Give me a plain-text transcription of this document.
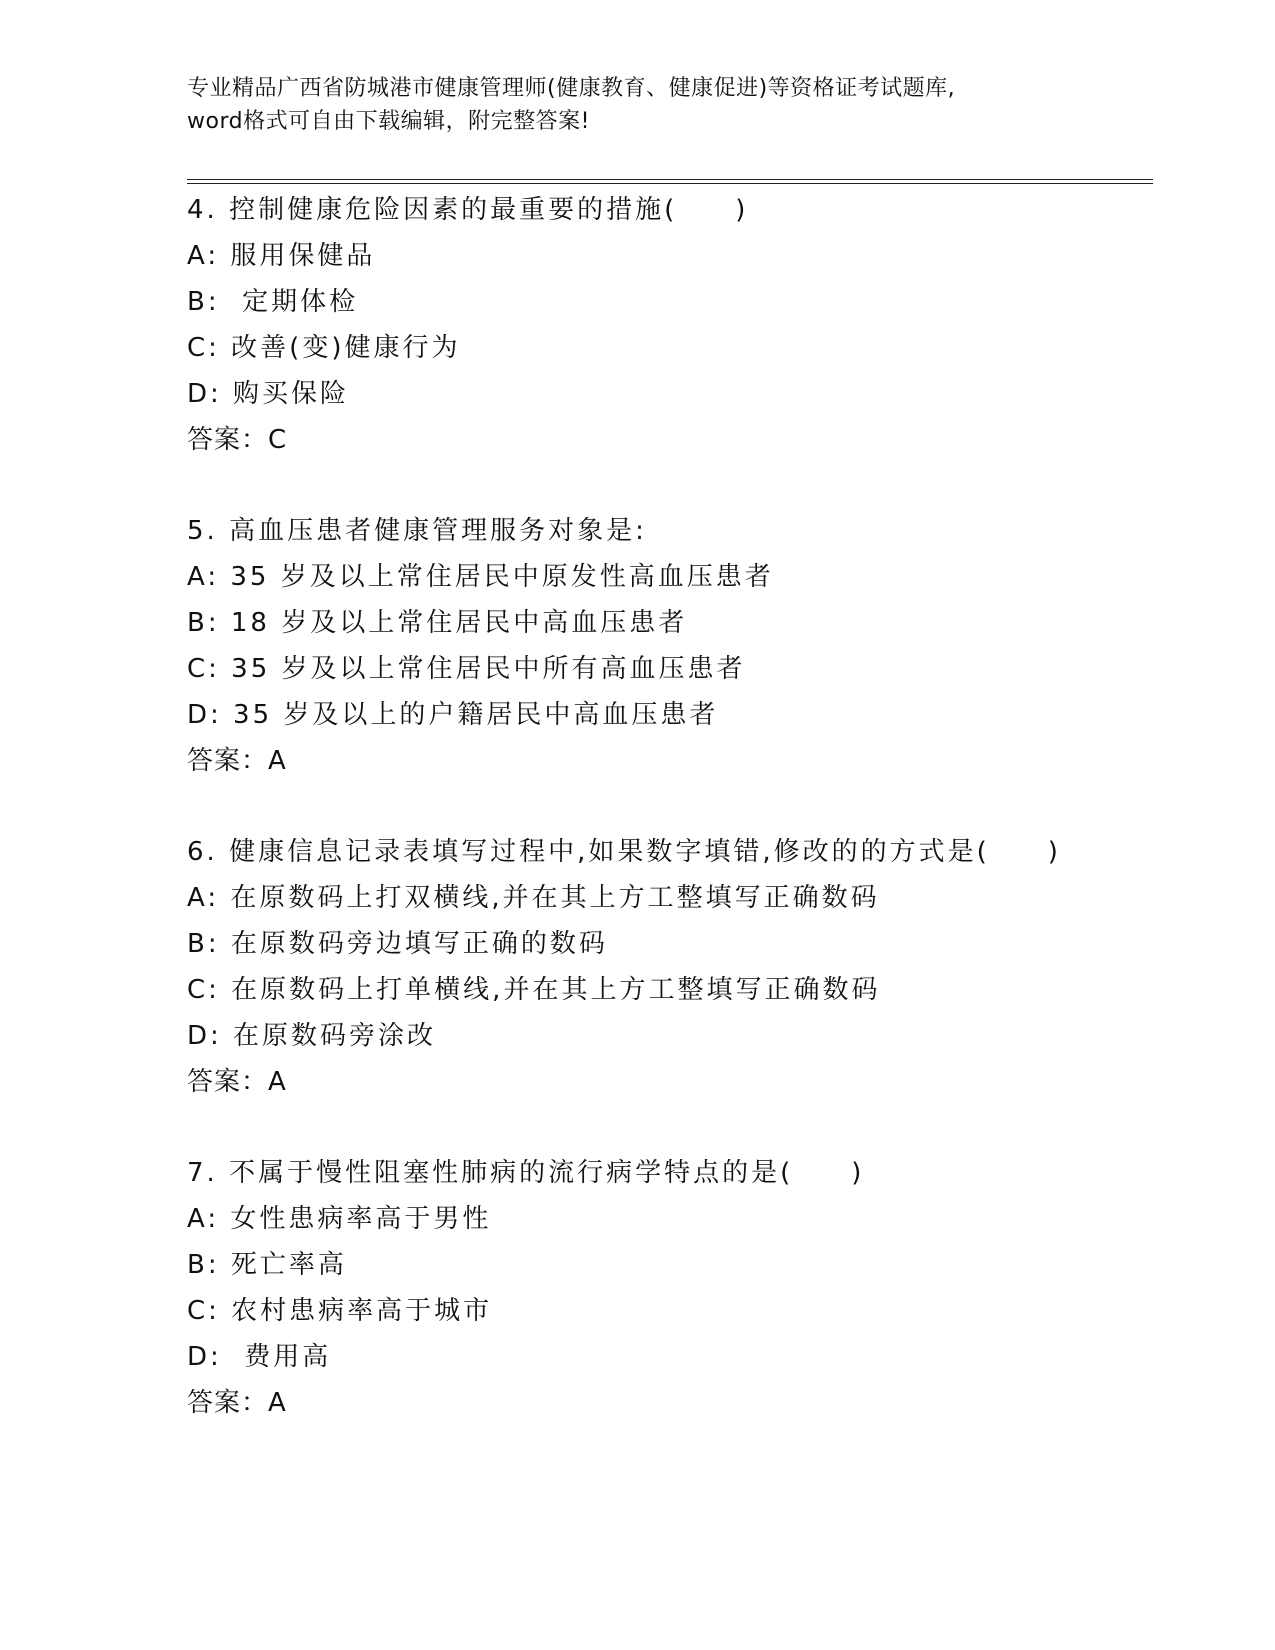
专业精品广西省防城港市健康管理师(健康教育、健康促进)等资格证考试题库,
word格式可自由下载编辑，附完整答案!
4. 控制健康危险因素的最重要的措施(　　)
A: 服用保健品
B:  定期体检
C: 改善(变)健康行为
D: 购买保险
答案：C
5. 高血压患者健康管理服务对象是:
A: 35 岁及以上常住居民中原发性高血压患者
B: 18 岁及以上常住居民中高血压患者
C: 35 岁及以上常住居民中所有高血压患者
D: 35 岁及以上的户籍居民中高血压患者
答案：A
6. 健康信息记录表填写过程中,如果数字填错,修改的的方式是(　　)
A: 在原数码上打双横线,并在其上方工整填写正确数码
B: 在原数码旁边填写正确的数码
C: 在原数码上打单横线,并在其上方工整填写正确数码
D: 在原数码旁涂改
答案：A
7. 不属于慢性阻塞性肺病的流行病学特点的是(　　)
A: 女性患病率高于男性
B: 死亡率高
C: 农村患病率高于城市
D:  费用高
答案：A
